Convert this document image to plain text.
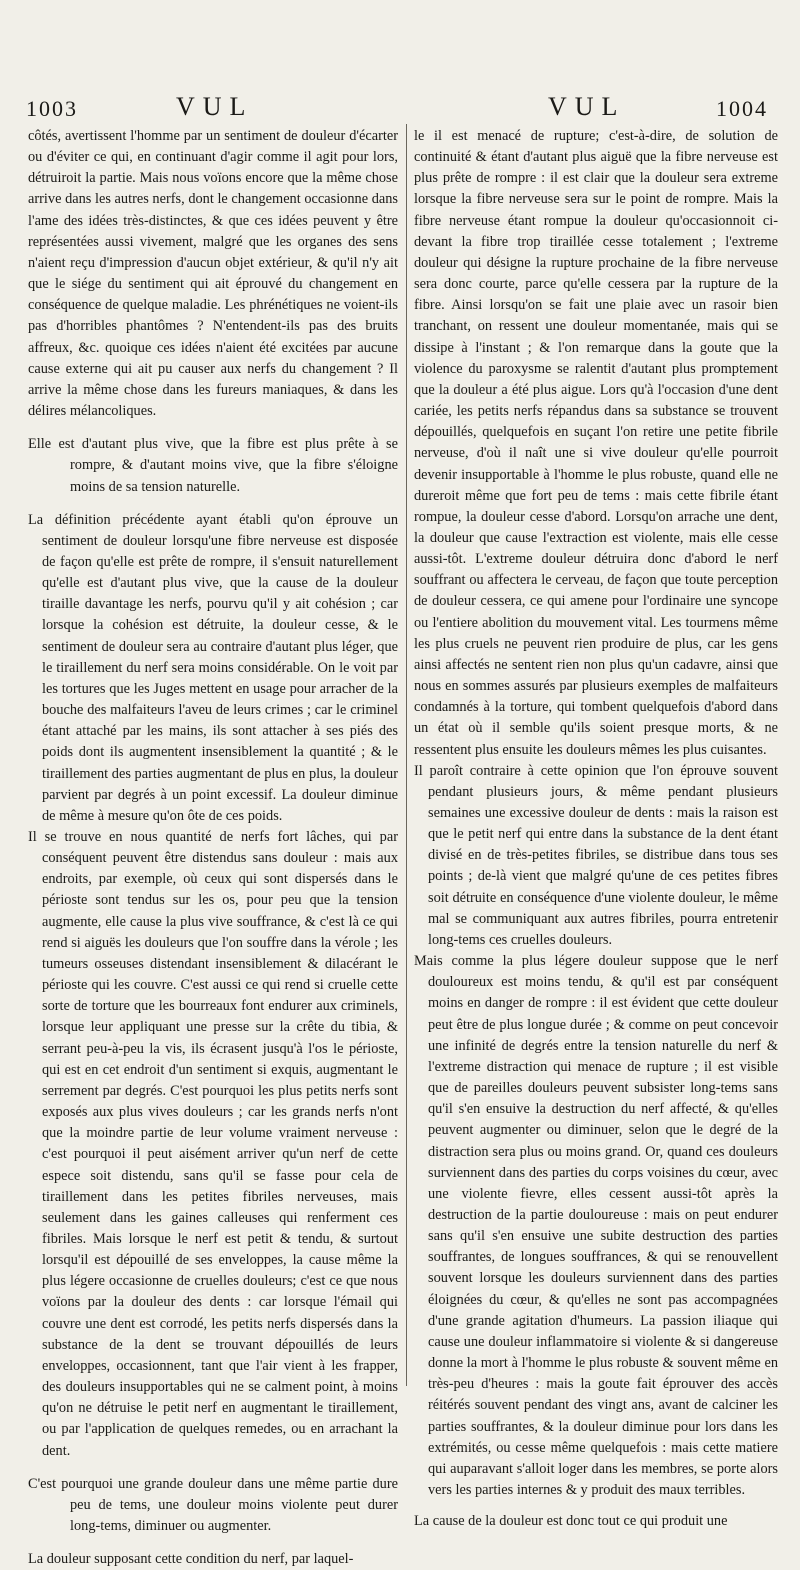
1003	VUL	VUL	1004

côtés, avertissent l'homme par un sentiment de douleur d'écarter ou d'éviter ce qui, en continuant d'agir comme il agit pour lors, détruiroit la partie. Mais nous voïons encore que la même chose arrive dans les autres nerfs, dont le changement occasionne dans l'ame des idées très-distinctes, & que ces idées peuvent y être représentées aussi vivement, malgré que les organes des sens n'aient reçu d'impression d'aucun objet extérieur, & qu'il n'y ait que le siége du sentiment qui ait éprouvé du changement en conséquence de quelque maladie. Les phrénétiques ne voient-ils pas d'horribles phantômes ? N'entendent-ils pas des bruits affreux, &c. quoique ces idées n'aient été excitées par aucune cause externe qui ait pu causer aux nerfs du changement ? Il arrive la même chose dans les fureurs maniaques, & dans les délires mélancoliques.

Elle est d'autant plus vive, que la fibre est plus prête à se rompre, & d'autant moins vive, que la fibre s'éloigne moins de sa tension naturelle.

La définition précédente ayant établi qu'on éprouve un sentiment de douleur lorsqu'une fibre nerveuse est disposée de façon qu'elle est prête de rompre, il s'ensuit naturellement qu'elle est d'autant plus vive, que la cause de la douleur tiraille davantage les nerfs, pourvu qu'il y ait cohésion ; car lorsque la cohésion est détruite, la douleur cesse, & le sentiment de douleur sera au contraire d'autant plus léger, que le tiraillement du nerf sera moins considérable. On le voit par les tortures que les Juges mettent en usage pour arracher de la bouche des malfaiteurs l'aveu de leurs crimes ; car le criminel étant attaché par les mains, ils sont attacher à ses piés des poids dont ils augmentent insensiblement la quantité ; & le tiraillement des parties augmentant de plus en plus, la douleur parvient par degrés à un point excessif. La douleur diminue de même à mesure qu'on ôte de ces poids.

Il se trouve en nous quantité de nerfs fort lâches, qui par conséquent peuvent être distendus sans douleur : mais aux endroits, par exemple, où ceux qui sont dispersés dans le périoste sont tendus sur les os, pour peu que la tension augmente, elle cause la plus vive souffrance, & c'est là ce qui rend si aiguës les douleurs que l'on souffre dans la vérole ; les tumeurs osseuses distendant insensiblement & dilacérant le périoste qui les couvre. C'est aussi ce qui rend si cruelle cette sorte de torture que les bourreaux font endurer aux criminels, lorsque leur appliquant une presse sur la crête du tibia, & serrant peu-à-peu la vis, ils écrasent jusqu'à l'os le périoste, qui est en cet endroit d'un sentiment si exquis, augmentant le serrement par degrés. C'est pourquoi les plus petits nerfs sont exposés aux plus vives douleurs ; car les grands nerfs n'ont que la moindre partie de leur volume vraiment nerveuse : c'est pourquoi il peut aisément arriver qu'un nerf de cette espece soit distendu, sans qu'il se fasse pour cela de tiraillement dans les petites fibriles nerveuses, mais seulement dans les gaines calleuses qui renferment ces fibriles. Mais lorsque le nerf est petit & tendu, & surtout lorsqu'il est dépouillé de ses enveloppes, la cause même la plus légere occasionne de cruelles douleurs; c'est ce que nous voïons par la douleur des dents : car lorsque l'émail qui couvre une dent est corrodé, les petits nerfs dispersés dans la substance de la dent se trouvant dépouillés de leurs enveloppes, occasionnent, tant que l'air vient à les frapper, des douleurs insupportables qui ne se calment point, à moins qu'on ne détruise le petit nerf en augmentant le tiraillement, ou par l'application de quelques remedes, ou en arrachant la dent.

C'est pourquoi une grande douleur dans une même partie dure peu de tems, une douleur moins violente peut durer long-tems, diminuer ou augmenter.

La douleur supposant cette condition du nerf, par laquel-

le il est menacé de rupture; c'est-à-dire, de solution de continuité & étant d'autant plus aiguë que la fibre nerveuse est plus prête de rompre : il est clair que la douleur sera extreme lorsque la fibre nerveuse sera sur le point de rompre. Mais la fibre nerveuse étant rompue la douleur qu'occasionnoit ci-devant la fibre trop tiraillée cesse totalement ; l'extreme douleur qui désigne la rupture prochaine de la fibre nerveuse sera donc courte, parce qu'elle cessera par la rupture de la fibre. Ainsi lorsqu'on se fait une plaie avec un rasoir bien tranchant, on ressent une douleur momentanée, mais qui se dissipe à l'instant ; & l'on remarque dans la goute que la violence du paroxysme se ralentit d'autant plus promptement que la douleur a été plus aigue. Lors qu'à l'occasion d'une dent cariée, les petits nerfs répandus dans sa substance se trouvent dépouillés, quelquefois en suçant l'on retire une petite fibrile nerveuse, d'où il naît une si vive douleur qu'elle pourroit devenir insupportable à l'homme le plus robuste, quand elle ne dureroit même que fort peu de tems : mais cette fibrile étant rompue, la douleur cesse d'abord. Lorsqu'on arrache une dent, la douleur que cause l'extraction est violente, mais elle cesse aussi-tôt. L'extreme douleur détruira donc d'abord le nerf souffrant ou affectera le cerveau, de façon que toute perception de douleur cessera, ce qui amene pour l'ordinaire une syncope ou l'entiere abolition du mouvement vital. Les tourmens même les plus cruels ne peuvent rien produire de plus, car les gens ainsi affectés ne sentent rien non plus qu'un cadavre, ainsi que nous en sommes assurés par plusieurs exemples de malfaiteurs condamnés à la torture, qui tombent quelquefois d'abord dans un état où il semble qu'ils soient presque morts, & ne ressentent plus ensuite les douleurs mêmes les plus cuisantes.

Il paroît contraire à cette opinion que l'on éprouve souvent pendant plusieurs jours, & même pendant plusieurs semaines une excessive douleur de dents : mais la raison est que le petit nerf qui entre dans la substance de la dent étant divisé en de très-petites fibriles, se distribue dans tous ses points ; de-là vient que malgré qu'une de ces petites fibres soit détruite en conséquence d'une violente douleur, le même mal se communiquant aux autres fibriles, pourra entretenir long-tems ces cruelles douleurs.

Mais comme la plus légere douleur suppose que le nerf douloureux est moins tendu, & qu'il est par conséquent moins en danger de rompre : il est évident que cette douleur peut être de plus longue durée ; & comme on peut concevoir une infinité de degrés entre la tension naturelle du nerf & l'extreme distraction qui menace de rupture ; il est visible que de pareilles douleurs peuvent subsister long-tems sans qu'il s'en ensuive la destruction du nerf affecté, & qu'elles peuvent augmenter ou diminuer, selon que le degré de la distraction sera plus ou moins grand. Or, quand ces douleurs surviennent dans des parties du corps voisines du cœur, avec une violente fievre, elles cessent aussi-tôt après la destruction de la partie douloureuse : mais on peut endurer sans qu'il s'en ensuive une subite destruction des parties souffrantes, de longues souffrances, & qui se renouvellent souvent lorsque les douleurs surviennent dans des parties éloignées du cœur, & qu'elles ne sont pas accompagnées d'une grande agitation d'humeurs. La passion iliaque qui cause une douleur inflammatoire si violente & si dangereuse donne la mort à l'homme le plus robuste & souvent même en très-peu d'heures : mais la goute fait éprouver des accès réitérés souvent pendant des vingt ans, avant de calciner les parties souffrantes, & la douleur diminue pour lors dans les extrémités, ou cesse même quelquefois : mais cette matiere qui auparavant s'alloit loger dans les membres, se porte alors vers les parties internes & y produit des maux terribles.

La cause de la douleur est donc tout ce qui produit une
